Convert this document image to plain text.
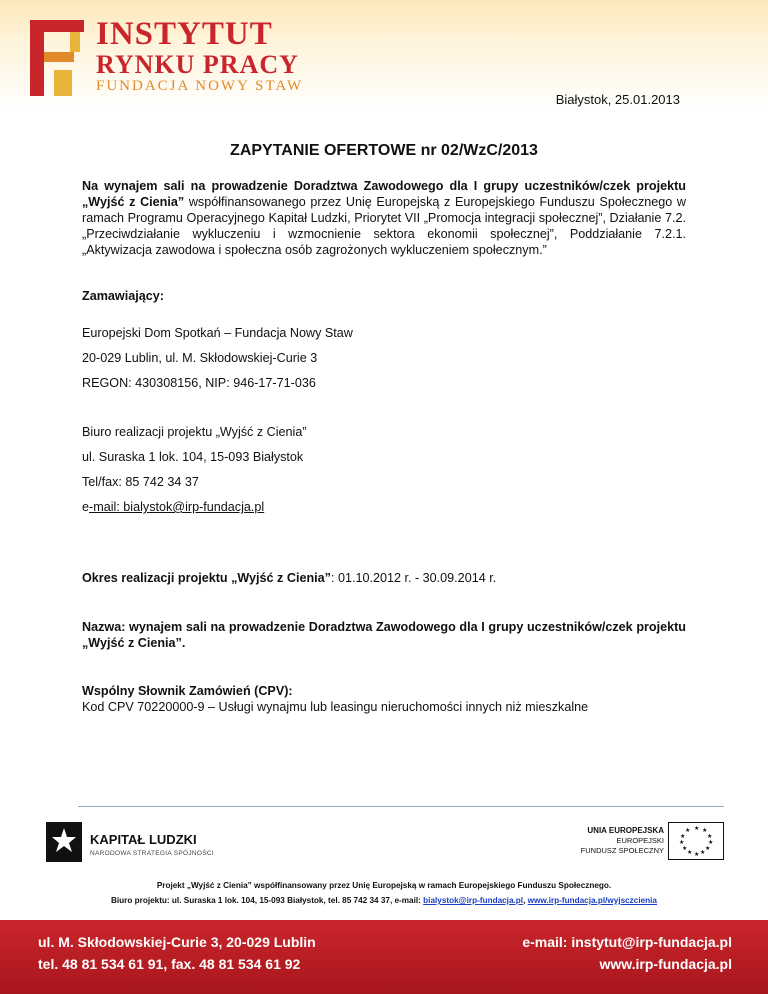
INSTYTUT
RYNKU PRACY
FUNDACJA NOWY STAW
Białystok, 25.01.2013
ZAPYTANIE OFERTOWE nr 02/WzC/2013
Na wynajem sali na prowadzenie Doradztwa Zawodowego dla I grupy uczestników/czek projektu „Wyjść z Cienia” współfinansowanego przez Unię Europejską z Europejskiego Funduszu Społecznego w ramach Programu Operacyjnego Kapitał Ludzki, Priorytet VII „Promocja integracji społecznej”, Działanie 7.2. „Przeciwdziałanie wykluczeniu i wzmocnienie sektora ekonomii społecznej”, Poddziałanie 7.2.1. „Aktywizacja zawodowa i społeczna osób zagrożonych wykluczeniem społecznym.”
Zamawiający:
Europejski Dom Spotkań – Fundacja Nowy Staw
20-029 Lublin, ul. M. Skłodowskiej-Curie 3
REGON: 430308156, NIP: 946-17-71-036
Biuro realizacji projektu „Wyjść z Cienia”
ul. Suraska 1 lok. 104, 15-093 Białystok
Tel/fax: 85 742 34 37
e-mail: bialystok@irp-fundacja.pl
Okres realizacji projektu „Wyjść z Cienia”: 01.10.2012 r. - 30.09.2014 r.
Nazwa: wynajem sali na prowadzenie Doradztwa Zawodowego dla I grupy uczestników/czek projektu „Wyjść z Cienia”.
Wspólny Słownik Zamówień (CPV):
Kod CPV 70220000-9 – Usługi wynajmu lub leasingu nieruchomości innych niż mieszkalne
KAPITAŁ LUDZKI
NARODOWA STRATEGIA SPÓJNOŚCI
UNIA EUROPEJSKA
EUROPEJSKI
FUNDUSZ SPOŁECZNY
★ ★
★
★
★
★
★
★
★
★
★
★
Projekt „Wyjść z Cienia” współfinansowany przez Unię Europejską w ramach Europejskiego Funduszu Społecznego.
Biuro projektu: ul. Suraska 1 lok. 104, 15-093 Białystok, tel. 85 742 34 37, e-mail: bialystok@irp-fundacja.pl, www.irp-fundacja.pl/wyjsczcienia
ul. M. Skłodowskiej-Curie 3, 20-029 Lublin
tel. 48 81 534 61 91, fax. 48 81 534 61 92
e-mail: instytut@irp-fundacja.pl
www.irp-fundacja.pl
